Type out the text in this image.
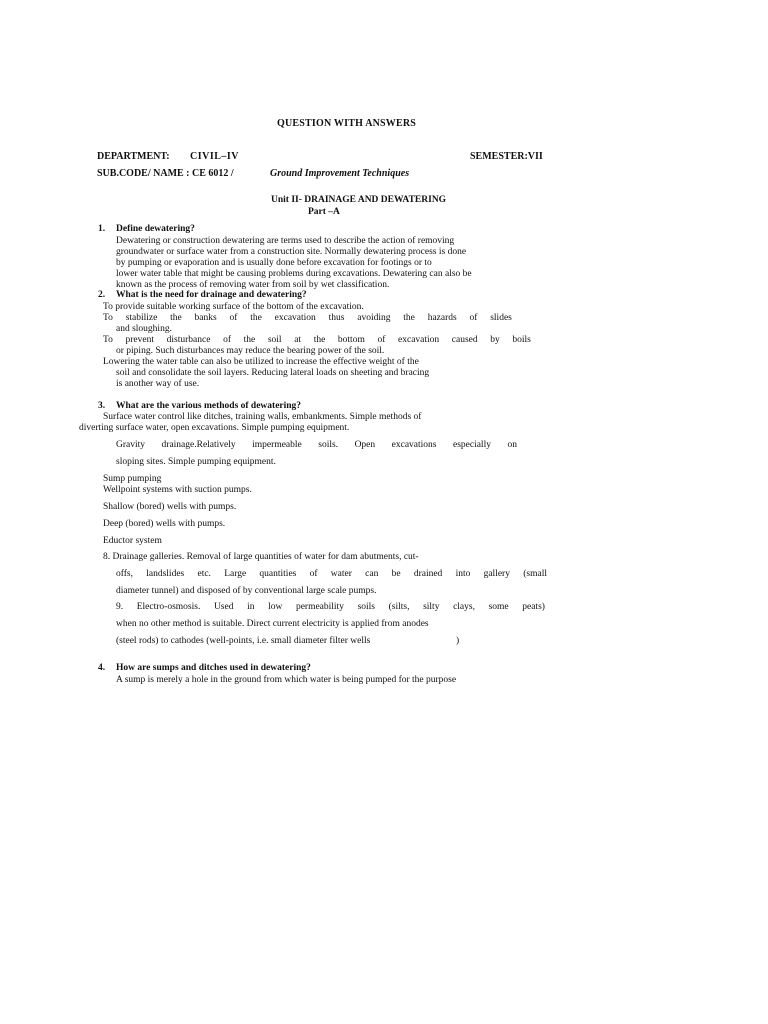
QUESTION WITH ANSWERS
DEPARTMENT: CIVIL–IV	SEMESTER:VII
SUB.CODE/ NAME : CE 6012 /	Ground Improvement Techniques
Unit II- DRAINAGE AND DEWATERING
Part –A
1. Define dewatering?
Dewatering or construction dewatering are terms used to describe the action of removing
groundwater or surface water from a construction site. Normally dewatering process is done
by pumping or evaporation and is usually done before excavation for footings or to
lower water table that might be causing problems during excavations. Dewatering can also be
known as the process of removing water from soil by wet classification.
2. What is the need for drainage and dewatering?
To provide suitable working surface of the bottom of the excavation.
To stabilize the banks of the excavation thus avoiding the hazards of slides
and sloughing.
To prevent disturbance of the soil at the bottom of excavation caused by boils
or piping. Such disturbances may reduce the bearing power of the soil.
Lowering the water table can also be utilized to increase the effective weight of the
soil and consolidate the soil layers. Reducing lateral loads on sheeting and bracing
is another way of use.
3. What are the various methods of dewatering?
Surface water control like ditches, training walls, embankments. Simple methods of
diverting surface water, open excavations. Simple pumping equipment.
Gravity drainage.Relatively impermeable soils. Open excavations especially on
sloping sites. Simple pumping equipment.
Sump pumping
Wellpoint systems with suction pumps.
Shallow (bored) wells with pumps.
Deep (bored) wells with pumps.
Eductor system
8. Drainage galleries. Removal of large quantities of water for dam abutments, cut-
offs, landslides etc. Large quantities of water can be drained into gallery (small
diameter tunnel) and disposed of by conventional large scale pumps.
9. Electro-osmosis. Used in low permeability soils (silts, silty clays, some peats)
when no other method is suitable. Direct current electricity is applied from anodes
(steel rods) to cathodes (well-points, i.e. small diameter filter wells	)
4. How are sumps and ditches used in dewatering?
A sump is merely a hole in the ground from which water is being pumped for the purpose
